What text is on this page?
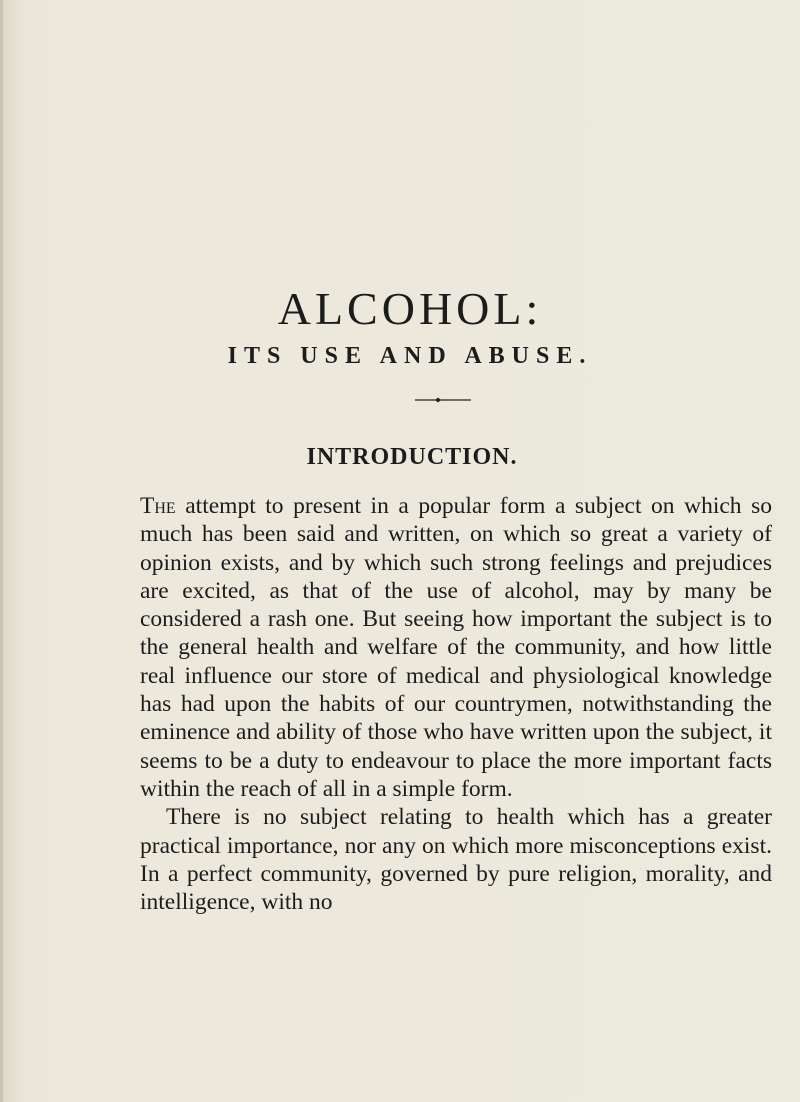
ALCOHOL:
ITS USE AND ABUSE.
INTRODUCTION.

The attempt to present in a popular form a subject on which so much has been said and written, on which so great a variety of opinion exists, and by which such strong feelings and prejudices are excited, as that of the use of alcohol, may by many be considered a rash one. But seeing how important the subject is to the general health and welfare of the community, and how little real influence our store of medical and physiological knowledge has had upon the habits of our countrymen, notwithstanding the eminence and ability of those who have written upon the subject, it seems to be a duty to endeavour to place the more important facts within the reach of all in a simple form.

There is no subject relating to health which has a greater practical importance, nor any on which more misconceptions exist. In a perfect community, governed by pure religion, morality, and intelligence, with no
